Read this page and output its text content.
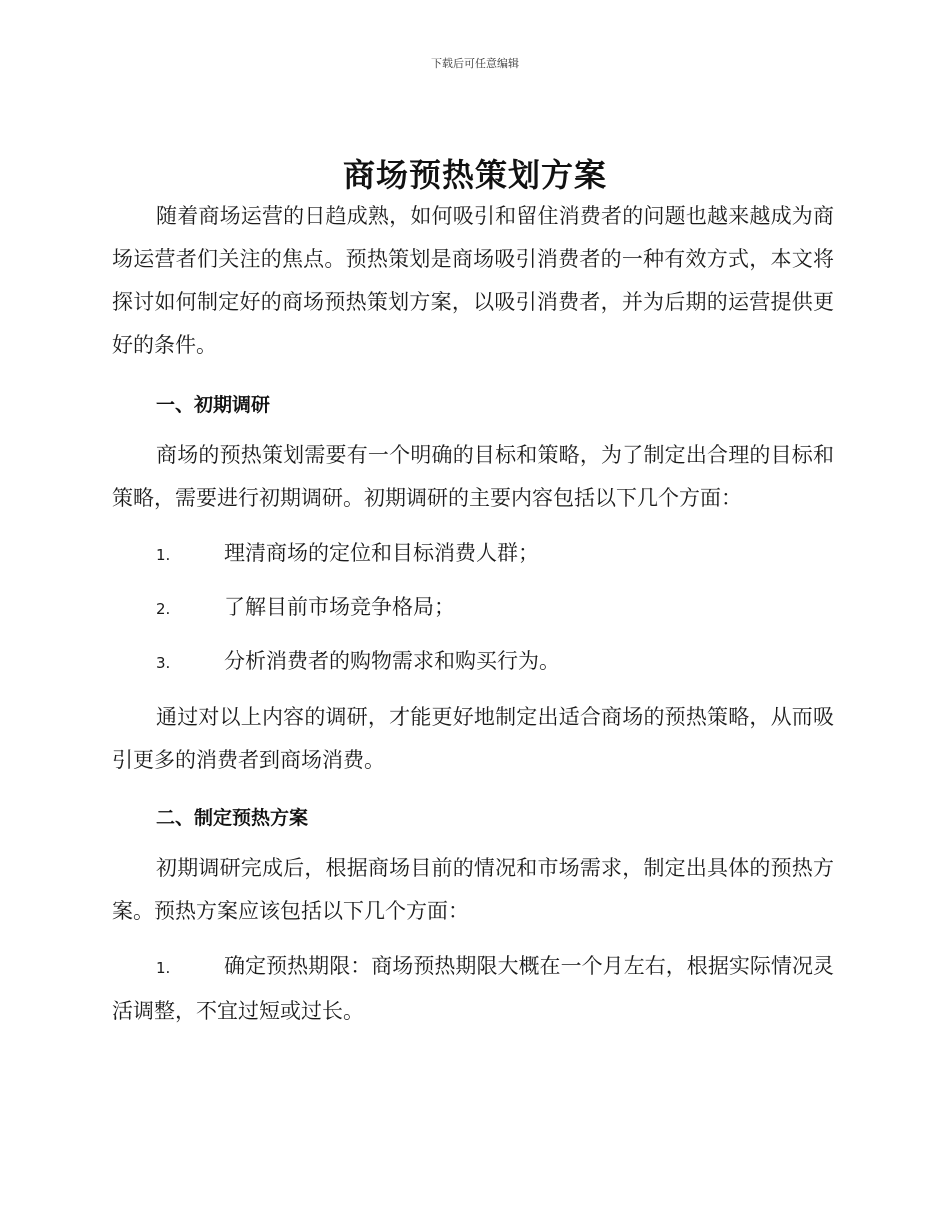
下载后可任意编辑
商场预热策划方案
随着商场运营的日趋成熟，如何吸引和留住消费者的问题也越来越成为商场运营者们关注的焦点。预热策划是商场吸引消费者的一种有效方式，本文将探讨如何制定好的商场预热策划方案，以吸引消费者，并为后期的运营提供更好的条件。
一、初期调研
商场的预热策划需要有一个明确的目标和策略，为了制定出合理的目标和策略，需要进行初期调研。初期调研的主要内容包括以下几个方面：
1.	理清商场的定位和目标消费人群；
2.	了解目前市场竞争格局；
3.	分析消费者的购物需求和购买行为。
通过对以上内容的调研，才能更好地制定出适合商场的预热策略，从而吸引更多的消费者到商场消费。
二、制定预热方案
初期调研完成后，根据商场目前的情况和市场需求，制定出具体的预热方案。预热方案应该包括以下几个方面：
1.	确定预热期限：商场预热期限大概在一个月左右，根据实际情况灵活调整，不宜过短或过长。
